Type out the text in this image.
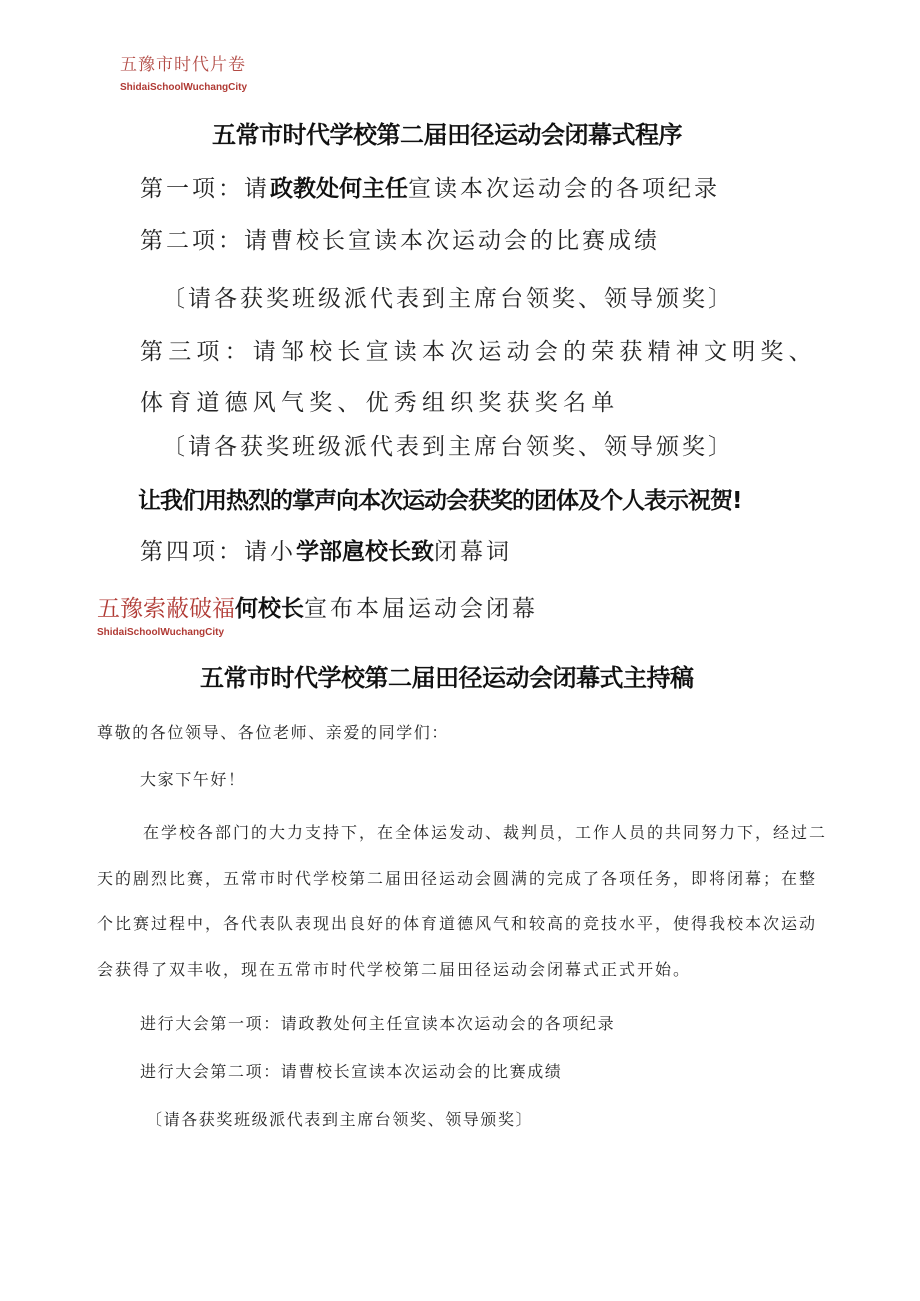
五豫市时代片卷
ShidaiSchoolWuchangCity
五常市时代学校第二届田径运动会闭幕式程序
第一项：请政教处何主任宣读本次运动会的各项纪录
第二项：请曹校长宣读本次运动会的比赛成绩
〔请各获奖班级派代表到主席台领奖、领导颁奖〕
第三项：请邹校长宣读本次运动会的荣获精神文明奖、体育道德风气奖、优秀组织奖获奖名单
〔请各获奖班级派代表到主席台领奖、领导颁奖〕
让我们用热烈的掌声向本次运动会获奖的团体及个人表示祝贺!
第四项：请小学部扈校长致闭幕词
五豫索蔽破福何校长宣布本届运动会闭幕
ShidaiSchoolWuchangCity
五常市时代学校第二届田径运动会闭幕式主持稿
尊敬的各位领导、各位老师、亲爱的同学们：
大家下午好！
在学校各部门的大力支持下，在全体运发动、裁判员，工作人员的共同努力下，经过二天的剧烈比赛，五常市时代学校第二届田径运动会圆满的完成了各项任务，即将闭幕；在整个比赛过程中，各代表队表现出良好的体育道德风气和较高的竞技水平，使得我校本次运动会获得了双丰收，现在五常市时代学校第二届田径运动会闭幕式正式开始。
进行大会第一项：请政教处何主任宣读本次运动会的各项纪录
进行大会第二项：请曹校长宣读本次运动会的比赛成绩
〔请各获奖班级派代表到主席台领奖、领导颁奖〕
